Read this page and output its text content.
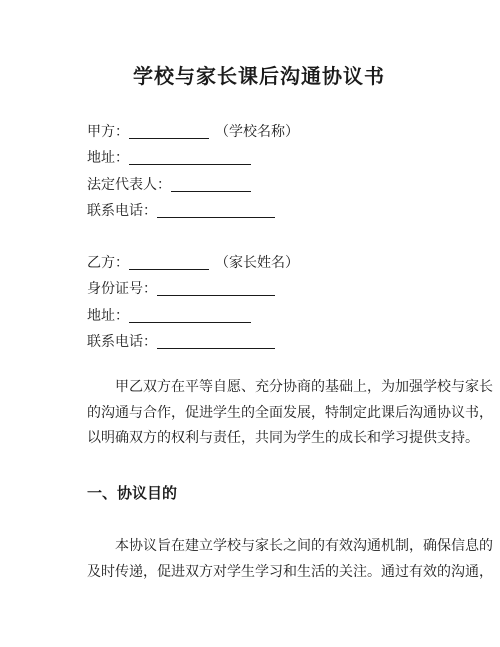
学校与家长课后沟通协议书
甲方：	（学校名称）
地址：
法定代表人：
联系电话：
乙方：	（家长姓名）
身份证号：
地址：
联系电话：
　　甲乙双方在平等自愿、充分协商的基础上，为加强学校与家长
的沟通与合作，促进学生的全面发展，特制定此课后沟通协议书，
以明确双方的权利与责任，共同为学生的成长和学习提供支持。
一、协议目的
　　本协议旨在建立学校与家长之间的有效沟通机制，确保信息的
及时传递，促进双方对学生学习和生活的关注。通过有效的沟通，
